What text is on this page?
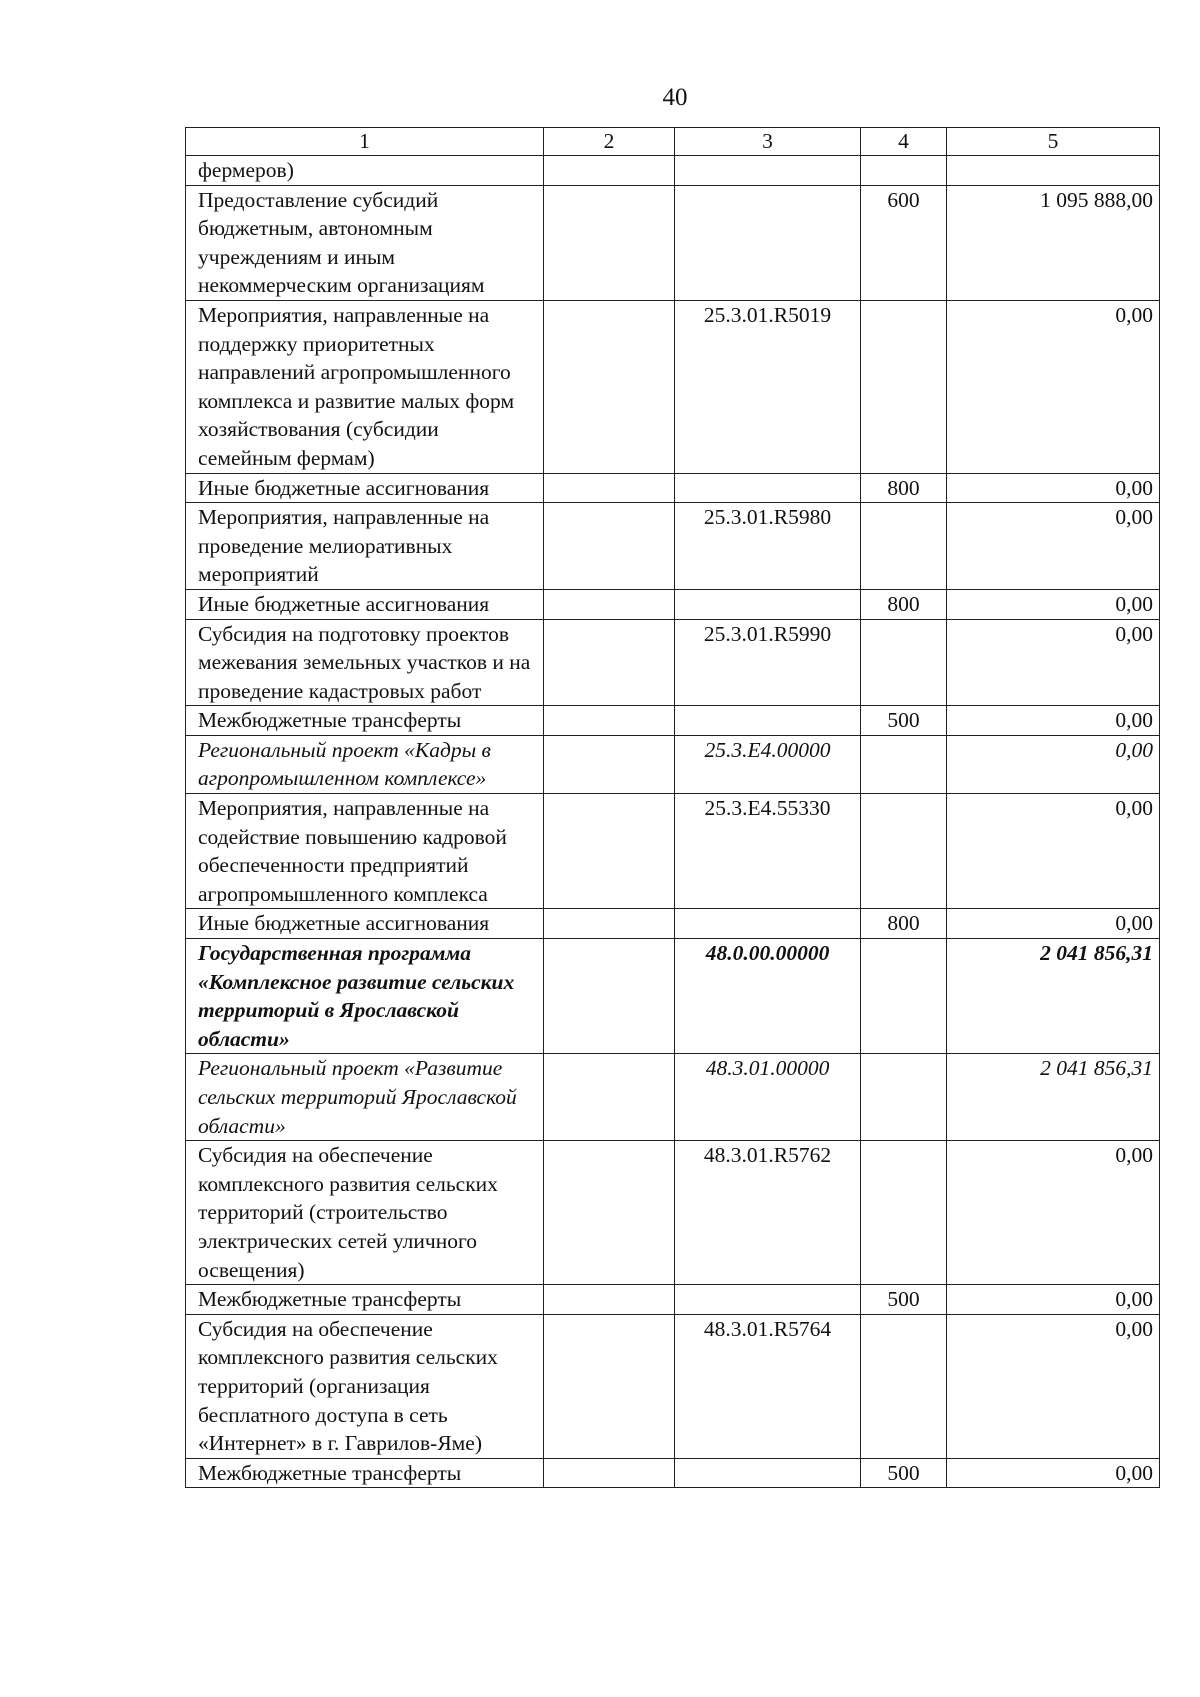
40
1	2	3	4	5
фермеров)				
Предоставление субсидий бюджетным, автономным учреждениям и иным некоммерческим организациям			600	1 095 888,00
Мероприятия, направленные на поддержку приоритетных направлений агропромышленного комплекса и развитие малых форм хозяйствования (субсидии семейным фермам)		25.3.01.R5019		0,00
Иные бюджетные ассигнования			800	0,00
Мероприятия, направленные на проведение мелиоративных мероприятий		25.3.01.R5980		0,00
Иные бюджетные ассигнования			800	0,00
Субсидия на подготовку проектов межевания земельных участков и на проведение кадастровых работ		25.3.01.R5990		0,00
Межбюджетные трансферты			500	0,00
Региональный проект «Кадры в агропромышленном комплексе»		25.3.E4.00000		0,00
Мероприятия, направленные на содействие повышению кадровой обеспеченности предприятий агропромышленного комплекса		25.3.E4.55330		0,00
Иные бюджетные ассигнования			800	0,00
Государственная программа «Комплексное развитие сельских территорий в Ярославской области»		48.0.00.00000		2 041 856,31
Региональный проект «Развитие сельских территорий Ярославской области»		48.3.01.00000		2 041 856,31
Субсидия на обеспечение комплексного развития сельских территорий (строительство электрических сетей уличного освещения)		48.3.01.R5762		0,00
Межбюджетные трансферты			500	0,00
Субсидия на обеспечение комплексного развития сельских территорий (организация бесплатного доступа в сеть «Интернет» в г. Гаврилов-Яме)		48.3.01.R5764		0,00
Межбюджетные трансферты			500	0,00
